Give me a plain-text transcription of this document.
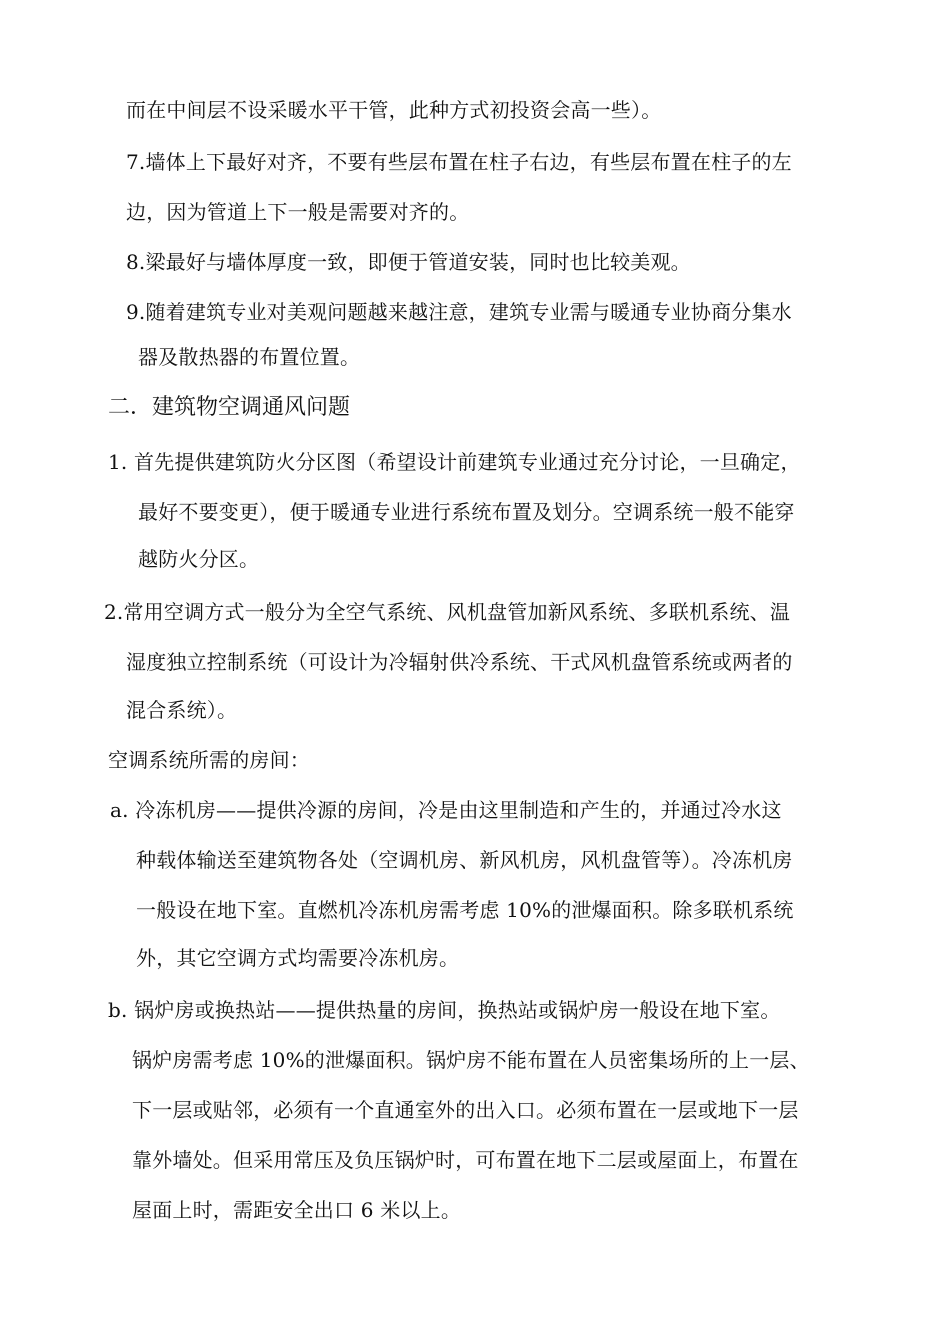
而在中间层不设采暖水平干管，此种方式初投资会高一些）。
7.墙体上下最好对齐，不要有些层布置在柱子右边，有些层布置在柱子的左
边，因为管道上下一般是需要对齐的。
8.梁最好与墙体厚度一致，即便于管道安装，同时也比较美观。
9.随着建筑专业对美观问题越来越注意，建筑专业需与暖通专业协商分集水
器及散热器的布置位置。
二．建筑物空调通风问题
1. 首先提供建筑防火分区图（希望设计前建筑专业通过充分讨论，一旦确定，
最好不要变更），便于暖通专业进行系统布置及划分。空调系统一般不能穿
越防火分区。
2.常用空调方式一般分为全空气系统、风机盘管加新风系统、多联机系统、温
湿度独立控制系统（可设计为冷辐射供冷系统、干式风机盘管系统或两者的
混合系统）。
空调系统所需的房间：
a. 冷冻机房——提供冷源的房间，冷是由这里制造和产生的，并通过冷水这
种载体输送至建筑物各处（空调机房、新风机房，风机盘管等）。冷冻机房
一般设在地下室。直燃机冷冻机房需考虑 10%的泄爆面积。除多联机系统
外，其它空调方式均需要冷冻机房。
b. 锅炉房或换热站——提供热量的房间，换热站或锅炉房一般设在地下室。
锅炉房需考虑 10%的泄爆面积。锅炉房不能布置在人员密集场所的上一层、
下一层或贴邻，必须有一个直通室外的出入口。必须布置在一层或地下一层
靠外墙处。但采用常压及负压锅炉时，可布置在地下二层或屋面上，布置在
屋面上时，需距安全出口 6 米以上。
